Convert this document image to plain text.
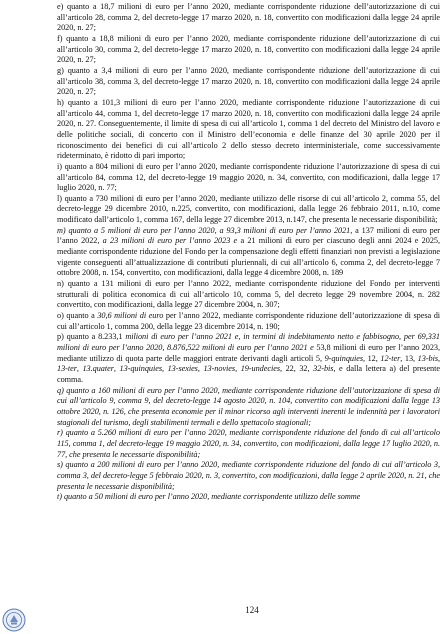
e) quanto a 18,7 milioni di euro per l’anno 2020, mediante corrispondente riduzione dell’autorizzazione di cui all’articolo 28, comma 2, del decreto-legge 17 marzo 2020, n. 18, convertito con modificazioni dalla legge 24 aprile 2020, n. 27;

f) quanto a 18,8 milioni di euro per l’anno 2020, mediante corrispondente riduzione dell’autorizzazione di cui all’articolo 30, comma 2, del decreto-legge 17 marzo 2020, n. 18, convertito con modificazioni dalla legge 24 aprile 2020, n. 27;

g) quanto a 3,4 milioni di euro per l’anno 2020, mediante corrispondente riduzione dell’autorizzazione di cui all’articolo 38, comma 3, del decreto-legge 17 marzo 2020, n. 18, convertito con modificazioni dalla legge 24 aprile 2020, n. 27;

h) quanto a 101,3 milioni di euro per l’anno 2020, mediante corrispondente riduzione l’autorizzazione di cui all’articolo 44, comma 1, del decreto-legge 17 marzo 2020, n. 18, convertito con modificazioni dalla legge 24 aprile 2020, n. 27. Conseguentemente, il limite di spesa di cui all’articolo 1, comma 1 del decreto del Ministro del lavoro e delle politiche sociali, di concerto con il Ministro dell’economia e delle finanze del 30 aprile 2020 per il riconoscimento dei benefici di cui all’articolo 2 dello stesso decreto interministeriale, come successivamente rideterminato, è ridotto di pari importo;

i) quanto a 804 milioni di euro per l’anno 2020, mediante corrispondente riduzione l’autorizzazione di spesa di cui all’articolo 84, comma 12, del decreto-legge 19 maggio 2020, n. 34, convertito, con modificazioni, dalla legge 17 luglio 2020, n. 77;

l) quanto a 730 milioni di euro per l’anno 2020, mediante utilizzo delle risorse di cui all’articolo 2, comma 55, del decreto-legge 29 dicembre 2010, n.225, convertito, con modificazioni, dalla legge 26 febbraio 2011, n.10, come modificato dall’articolo 1, comma 167, della legge 27 dicembre 2013, n.147, che presenta le necessarie disponibilità;

m) quanto a 5 milioni di euro per l’anno 2020, a 93,3 milioni di euro per l’anno 2021, a 137 milioni di euro per l’anno 2022, a 23 milioni di euro per l’anno 2023 e a 21 milioni di euro per ciascuno degli anni 2024 e 2025, mediante corrispondente riduzione del Fondo per la compensazione degli effetti finanziari non previsti a legislazione vigente conseguenti all’attualizzazione di contributi pluriennali, di cui all’articolo 6, comma 2, del decreto-legge 7 ottobre 2008, n. 154, convertito, con modificazioni, dalla legge 4 dicembre 2008, n. 189

n) quanto a 131 milioni di euro per l’anno 2022, mediante corrispondente riduzione del Fondo per interventi strutturali di politica economica di cui all’articolo 10, comma 5, del decreto legge 29 novembre 2004, n. 282 convertito, con modificazioni, dalla legge 27 dicembre 2004, n. 307;

o) quanto a 30,6 milioni di euro per l’anno 2022, mediante corrispondente riduzione dell’autorizzazione di spesa di cui all’articolo 1, comma 200, della legge 23 dicembre 2014, n. 190;

p) quanto a 8.233,1 milioni di euro per l’anno 2021 e, in termini di indebitamento netto e fabbisogno, per 69,331 milioni di euro per l’anno 2020, 8.876,522 milioni di euro per l’anno 2021 e 53,8 milioni di euro per l’anno 2023, mediante utilizzo di quota parte delle maggiori entrate derivanti dagli articoli 5, 9-quinquies, 12, 12-ter, 13, 13-bis, 13-ter, 13.quater, 13-quinquies, 13-sexies, 13-novies, 19-undecies, 22, 32, 32-bis, e dalla lettera a) del presente comma.

q) quanto a 160 milioni di euro per l’anno 2020, mediante corrispondente riduzione dell’autorizzazione di spesa di cui all’articolo 9, comma 9, del decreto-legge 14 agosto 2020, n. 104, convertito con modificazioni dalla legge 13 ottobre 2020, n. 126, che presenta economie per il minor ricorso agli interventi inerenti le indennità per i lavoratori stagionali del turismo, degli stabilimenti termali e dello spettacolo stagionali;

r) quanto a 5.260 milioni di euro per l’anno 2020, mediante corrispondente riduzione del fondo di cui all’articolo 115, comma 1, del decreto-legge 19 maggio 2020, n. 34, convertito, con modificazioni, dalla legge 17 luglio 2020, n. 77, che presenta le necessarie disponibilità;

s) quanto a 200 milioni di euro per l’anno 2020, mediante corrispondente riduzione del fondo di cui all’articolo 3, comma 3, del decreto-legge 5 febbraio 2020, n. 3, convertito, con modificazioni, dalla legge 2 aprile 2020, n. 21, che presenta le necessarie disponibilità;

t) quanto a 50 milioni di euro per l’anno 2020, mediante corrispondente utilizzo delle somme

124
